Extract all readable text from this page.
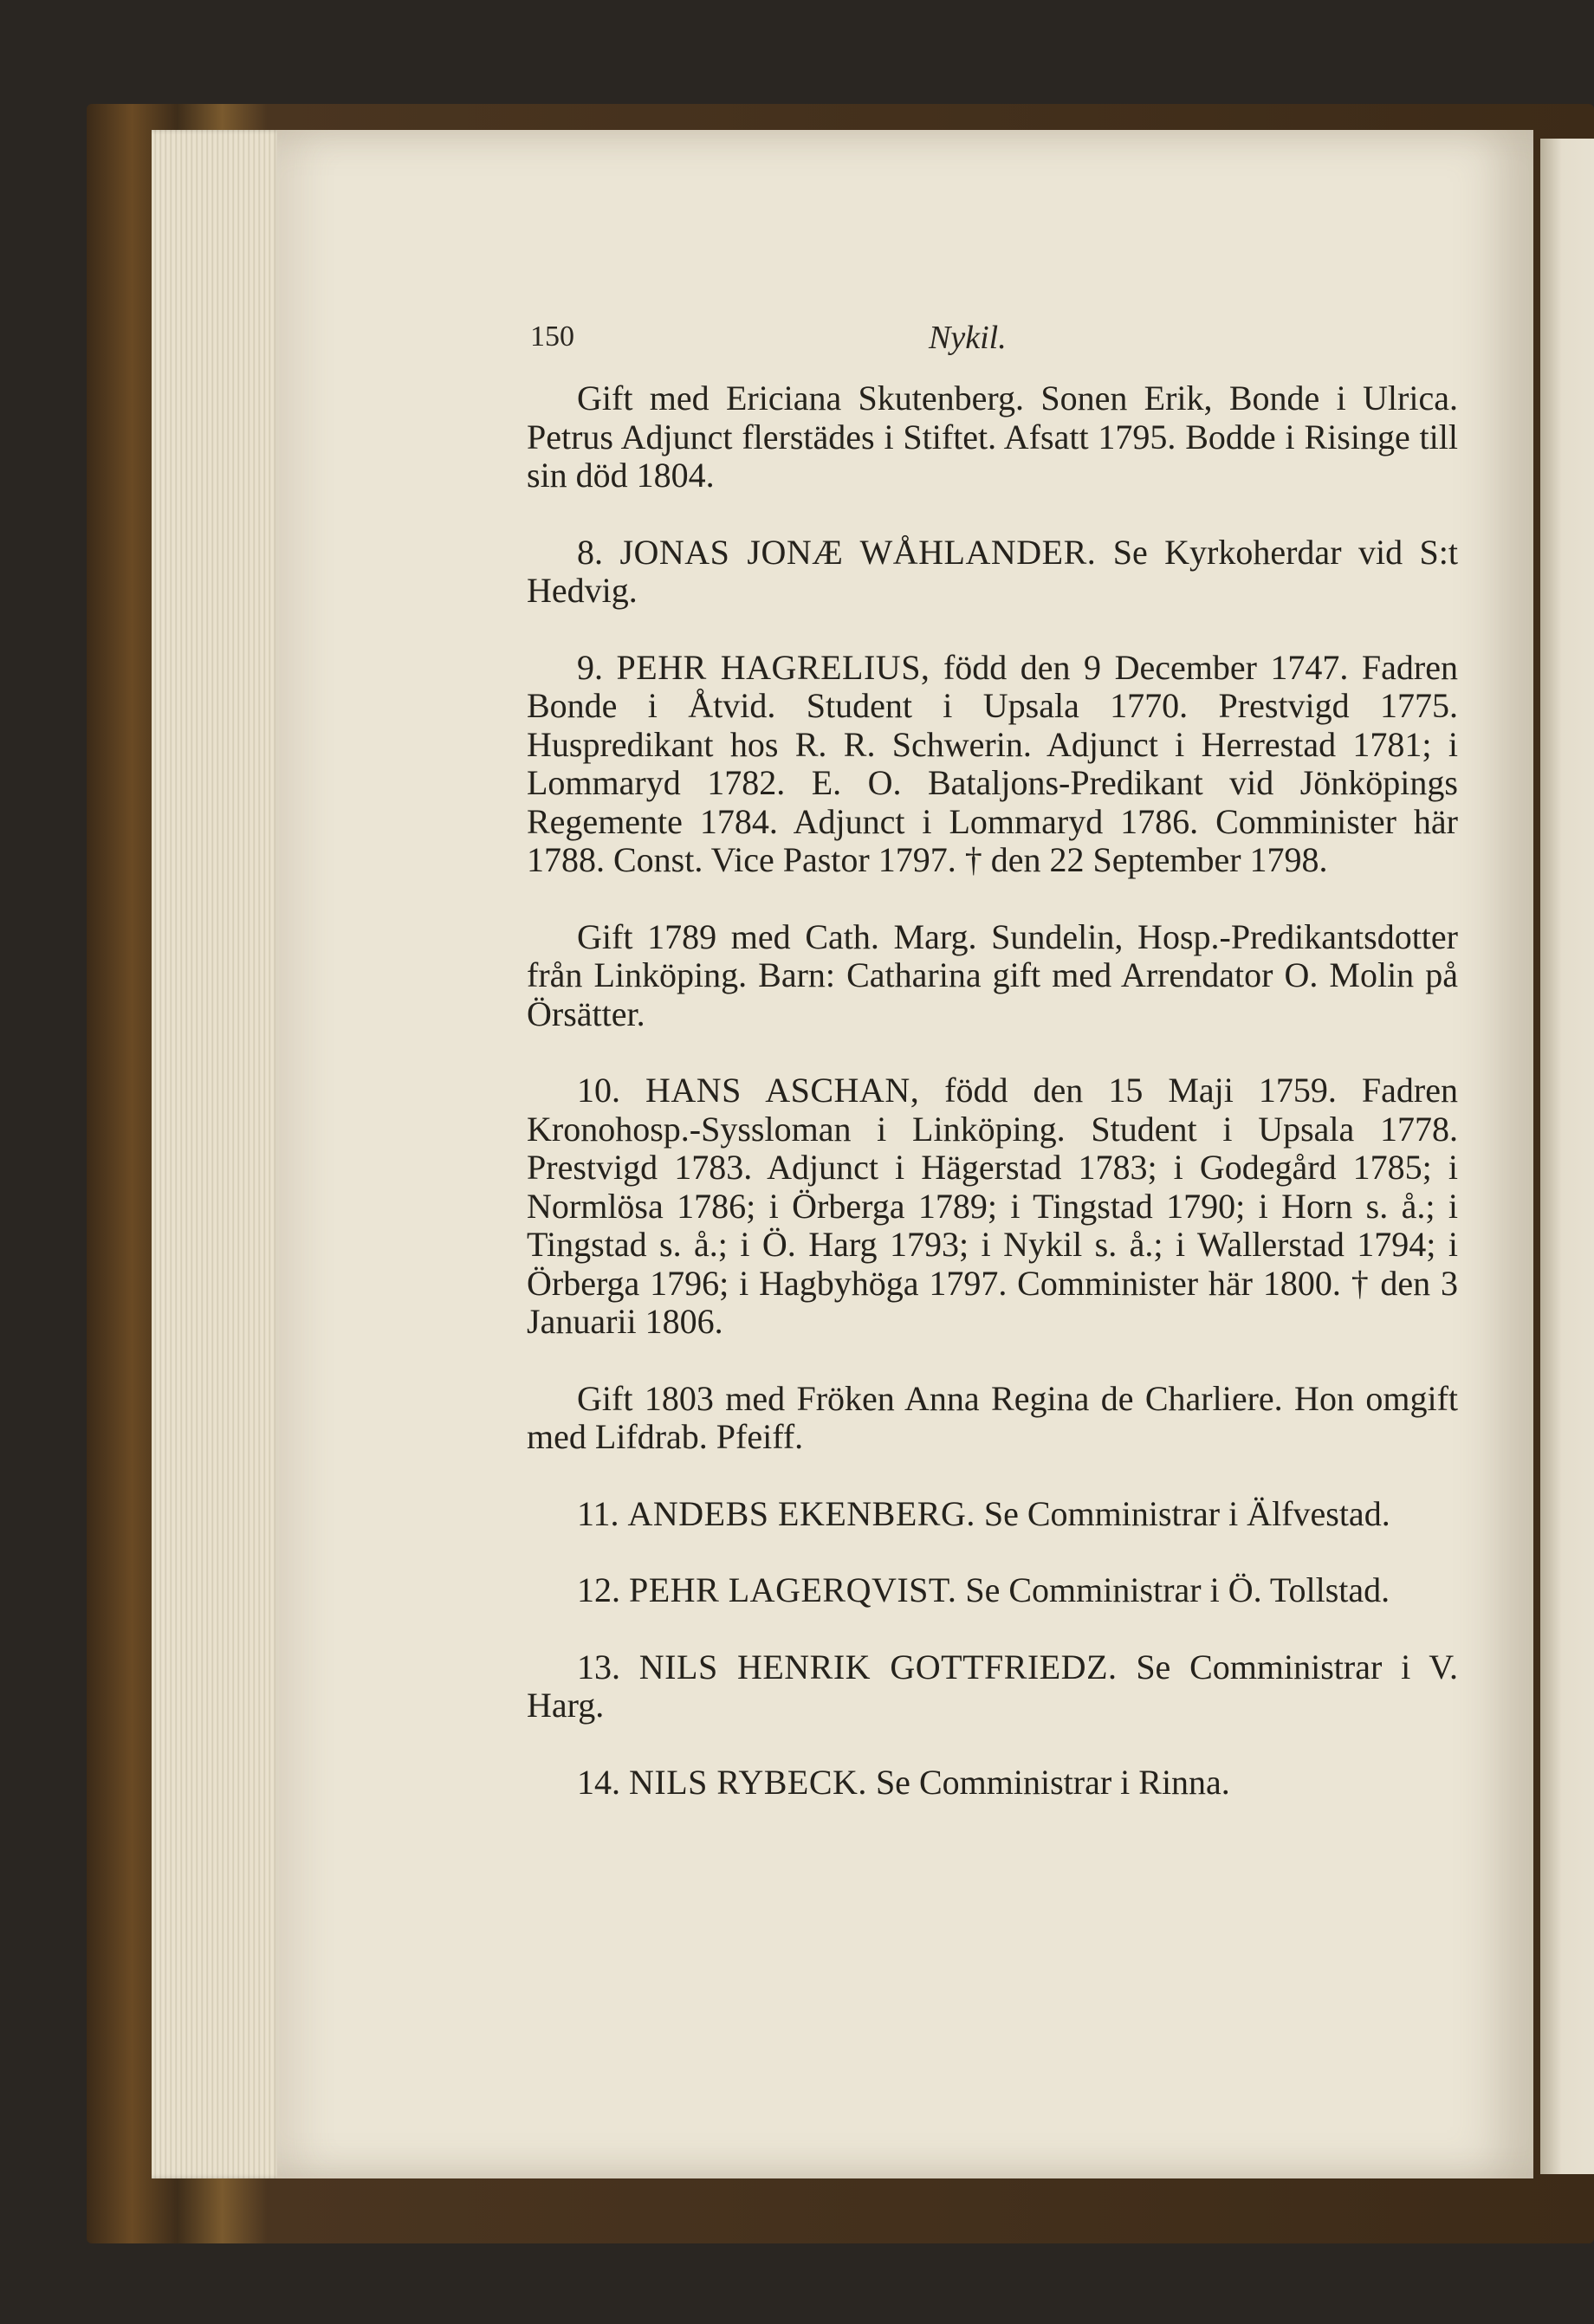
150	Nykil.

Gift med Ericiana Skutenberg. Sonen Erik, Bonde i Ulrica. Petrus Adjunct flerstädes i Stiftet. Afsatt 1795. Bodde i Risinge till sin död 1804.

8. JONAS JONÆ WÅHLANDER. Se Kyrkoherdar vid S:t Hedvig.

9. PEHR HAGRELIUS, född den 9 December 1747. Fadren Bonde i Åtvid. Student i Upsala 1770. Prestvigd 1775. Huspredikant hos R. R. Schwerin. Adjunct i Herrestad 1781; i Lommaryd 1782. E. O. Bataljons-Predikant vid Jönköpings Regemente 1784. Adjunct i Lommaryd 1786. Comminister här 1788. Const. Vice Pastor 1797. † den 22 September 1798.

Gift 1789 med Cath. Marg. Sundelin, Hosp.-Predikantsdotter från Linköping. Barn: Catharina gift med Arrendator O. Molin på Örsätter.

10. HANS ASCHAN, född den 15 Maji 1759. Fadren Kronohosp.-Syssloman i Linköping. Student i Upsala 1778. Prestvigd 1783. Adjunct i Hägerstad 1783; i Godegård 1785; i Normlösa 1786; i Örberga 1789; i Tingstad 1790; i Horn s. å.; i Tingstad s. å.; i Ö. Harg 1793; i Nykil s. å.; i Wallerstad 1794; i Örberga 1796; i Hagbyhöga 1797. Comminister här 1800. † den 3 Januarii 1806.

Gift 1803 med Fröken Anna Regina de Charliere. Hon omgift med Lifdrab. Pfeiff.

11. ANDEBS EKENBERG. Se Comministrar i Älfvestad.

12. PEHR LAGERQVIST. Se Comministrar i Ö. Tollstad.

13. NILS HENRIK GOTTFRIEDZ. Se Comministrar i V. Harg.

14. NILS RYBECK. Se Comministrar i Rinna.
